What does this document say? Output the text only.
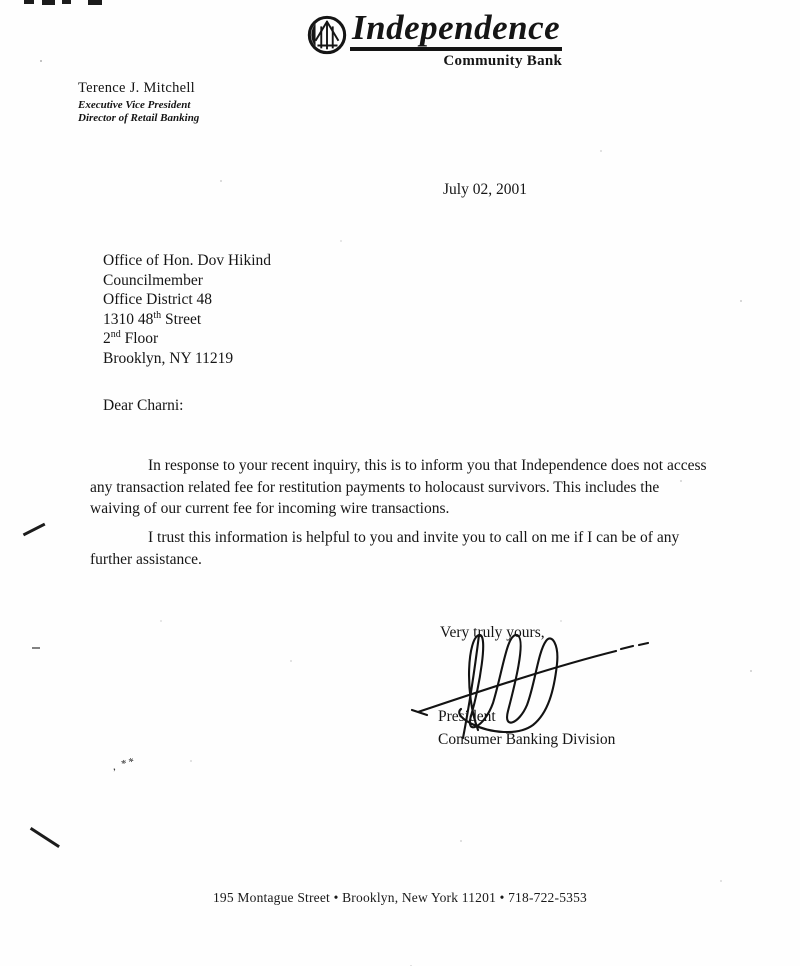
, **
Independence
Community Bank
Terence J. Mitchell
Executive Vice President
Director of Retail Banking
July 02, 2001
Office of Hon. Dov Hikind
Councilmember
Office District 48
1310 48th Street
2nd Floor
Brooklyn, NY 11219
Dear Charni:

In response to your recent inquiry, this is to inform you that Independence does not access any transaction related fee for restitution payments to holocaust survivors. This includes the waiving of our current fee for incoming wire transactions.

I trust this information is helpful to you and invite you to call on me if I can be of any further assistance.

Very truly yours,
President
Consumer Banking Division
195 Montague Street • Brooklyn, New York 11201 • 718-722-5353
